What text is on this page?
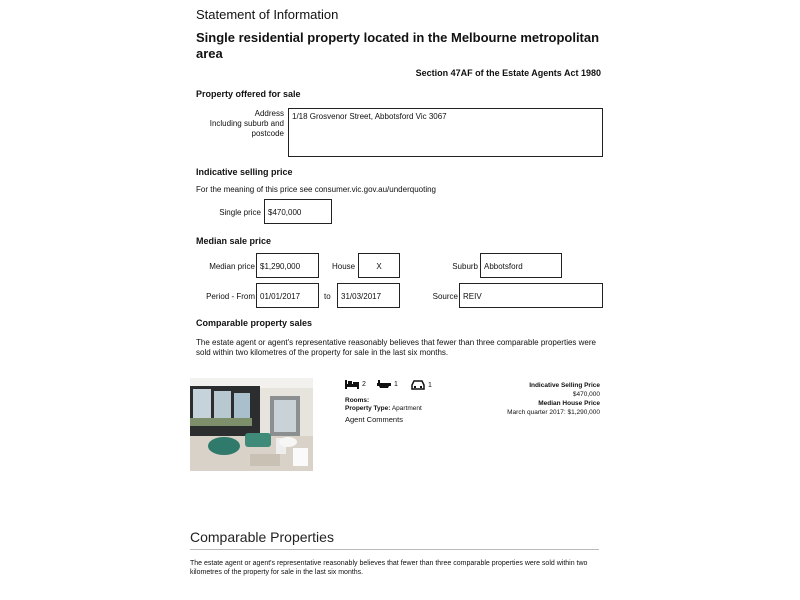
Statement of Information
Single residential property located in the Melbourne metropolitan area
Section 47AF of the Estate Agents Act 1980
Property offered for sale
Address
Including suburb and
postcode
1/18 Grosvenor Street, Abbotsford Vic 3067
Indicative selling price
For the meaning of this price see consumer.vic.gov.au/underquoting
Single price $470,000
Median sale price
Median price $1,290,000	House	X	Suburb Abbotsford
Period - From 01/01/2017	to	31/03/2017	Source REIV
Comparable property sales
The estate agent or agent's representative reasonably believes that fewer than three comparable properties were sold within two kilometres of the property for sale in the last six months.
2	1	1
Rooms:
Property Type: Apartment
Agent Comments
Indicative Selling Price
$470,000
Median House Price
March quarter 2017: $1,290,000
Comparable Properties
The estate agent or agent's representative reasonably believes that fewer than three comparable properties were sold within two kilometres of the property for sale in the last six months.
